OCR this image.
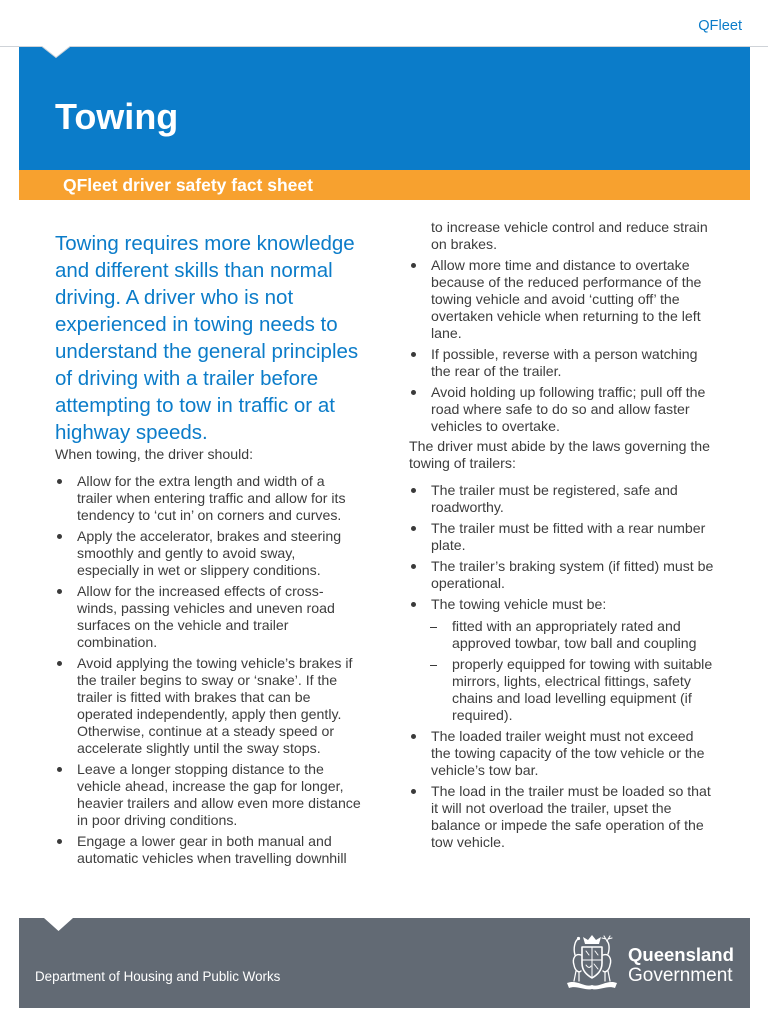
QFleet
Towing
QFleet driver safety fact sheet

Towing requires more knowledge
and different skills than normal
driving. A driver who is not
experienced in towing needs to
understand the general principles
of driving with a trailer before
attempting to tow in traffic or at
highway speeds.

When towing, the driver should:

Allow for the extra length and width of a
trailer when entering traffic and allow for its
tendency to ‘cut in’ on corners and curves.
Apply the accelerator, brakes and steering
smoothly and gently to avoid sway,
especially in wet or slippery conditions.
Allow for the increased effects of cross-
winds, passing vehicles and uneven road
surfaces on the vehicle and trailer
combination.
Avoid applying the towing vehicle’s brakes if
the trailer begins to sway or ‘snake’. If the
trailer is fitted with brakes that can be
operated independently, apply then gently.
Otherwise, continue at a steady speed or
accelerate slightly until the sway stops.
Leave a longer stopping distance to the
vehicle ahead, increase the gap for longer,
heavier trailers and allow even more distance
in poor driving conditions.
Engage a lower gear in both manual and
automatic vehicles when travelling downhill

to increase vehicle control and reduce strain
on brakes.

Allow more time and distance to overtake
because of the reduced performance of the
towing vehicle and avoid ‘cutting off’ the
overtaken vehicle when returning to the left
lane.
If possible, reverse with a person watching
the rear of the trailer.
Avoid holding up following traffic; pull off the
road where safe to do so and allow faster
vehicles to overtake.

The driver must abide by the laws governing the
towing of trailers:

The trailer must be registered, safe and
roadworthy.
The trailer must be fitted with a rear number
plate.
The trailer’s braking system (if fitted) must be
operational.
The towing vehicle must be:
fitted with an appropriately rated and
approved towbar, tow ball and coupling
properly equipped for towing with suitable
mirrors, lights, electrical fittings, safety
chains and load levelling equipment (if
required).
The loaded trailer weight must not exceed
the towing capacity of the tow vehicle or the
vehicle’s tow bar.
The load in the trailer must be loaded so that
it will not overload the trailer, upset the
balance or impede the safe operation of the
tow vehicle.
Department of Housing and Public Works
Queensland
Government
